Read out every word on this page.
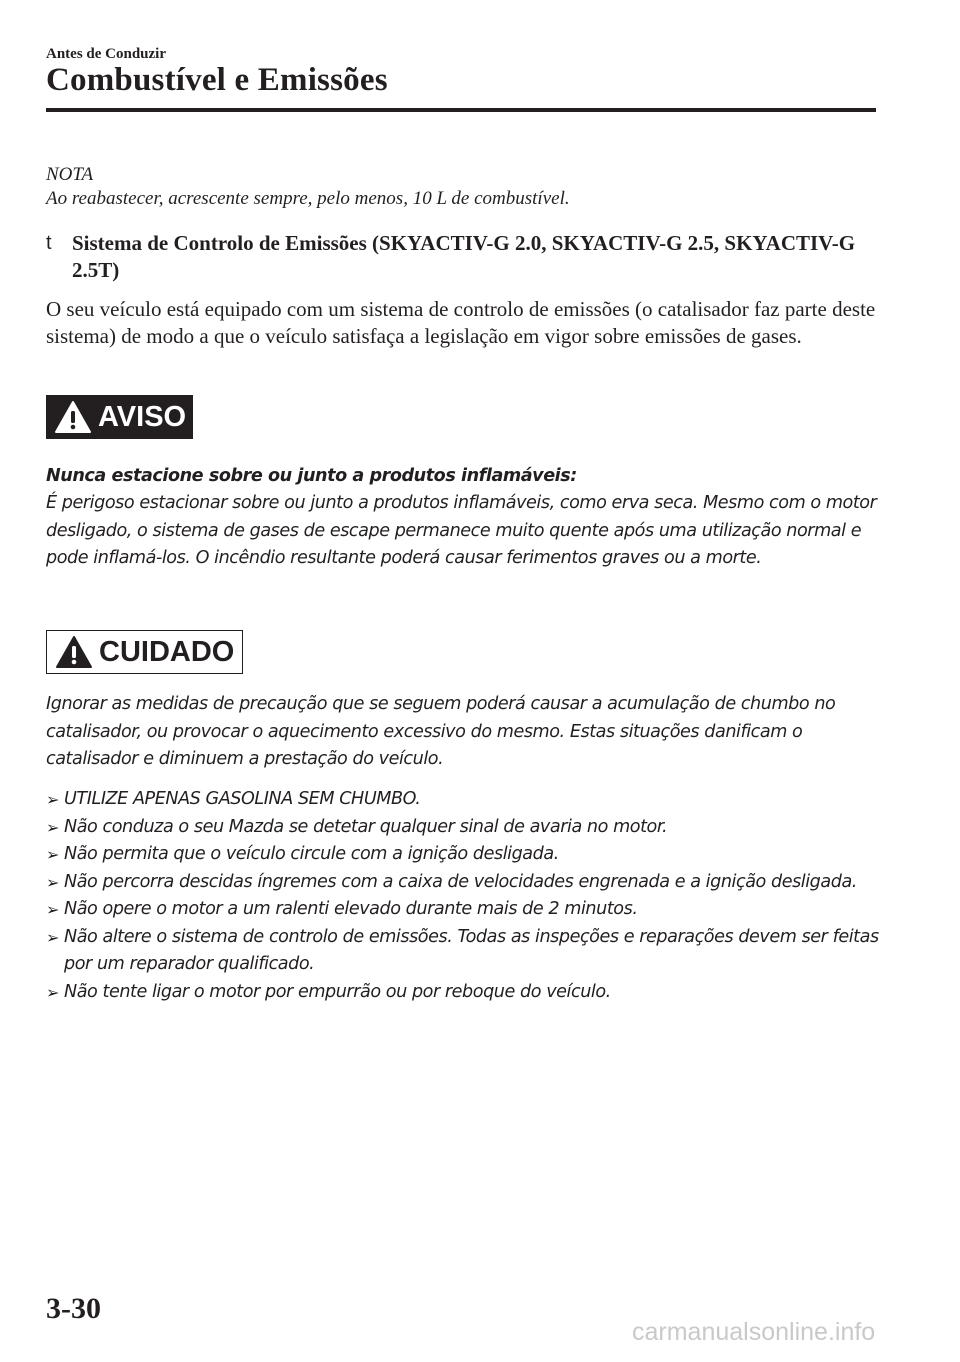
Antes de Conduzir
Combustível e Emissões
NOTA
Ao reabastecer, acrescente sempre, pelo menos, 10 L de combustível.
t Sistema de Controlo de Emissões (SKYACTIV-G 2.0, SKYACTIV-G 2.5, SKYACTIV-G 2.5T)
O seu veículo está equipado com um sistema de controlo de emissões (o catalisador faz parte deste sistema) de modo a que o veículo satisfaça a legislação em vigor sobre emissões de gases.
AVISO
Nunca estacione sobre ou junto a produtos inflamáveis:
É perigoso estacionar sobre ou junto a produtos inflamáveis, como erva seca. Mesmo com o motor desligado, o sistema de gases de escape permanece muito quente após uma utilização normal e pode inflamá-los. O incêndio resultante poderá causar ferimentos graves ou a morte.
CUIDADO
Ignorar as medidas de precaução que se seguem poderá causar a acumulação de chumbo no catalisador, ou provocar o aquecimento excessivo do mesmo. Estas situações danificam o catalisador e diminuem a prestação do veículo.
➢ UTILIZE APENAS GASOLINA SEM CHUMBO.
➢ Não conduza o seu Mazda se detetar qualquer sinal de avaria no motor.
➢ Não permita que o veículo circule com a ignição desligada.
➢ Não percorra descidas íngremes com a caixa de velocidades engrenada e a ignição desligada.
➢ Não opere o motor a um ralenti elevado durante mais de 2 minutos.
➢ Não altere o sistema de controlo de emissões. Todas as inspeções e reparações devem ser feitas por um reparador qualificado.
➢ Não tente ligar o motor por empurrão ou por reboque do veículo.
3-30
carmanualsonline.info
